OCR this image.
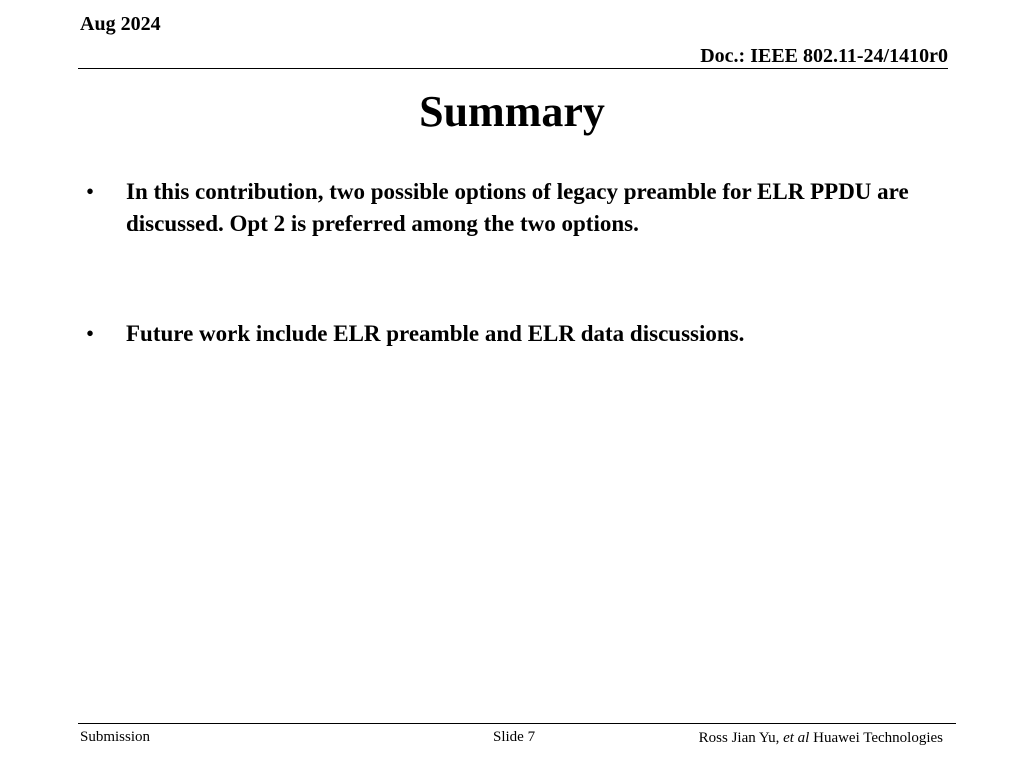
Aug 2024
Doc.: IEEE 802.11-24/1410r0
Summary
• In this contribution, two possible options of legacy preamble for ELR PPDU are discussed. Opt 2 is preferred among the two options.
• Future work include ELR preamble and ELR data discussions.
Submission	Slide 7	Ross Jian Yu, et al Huawei Technologies
